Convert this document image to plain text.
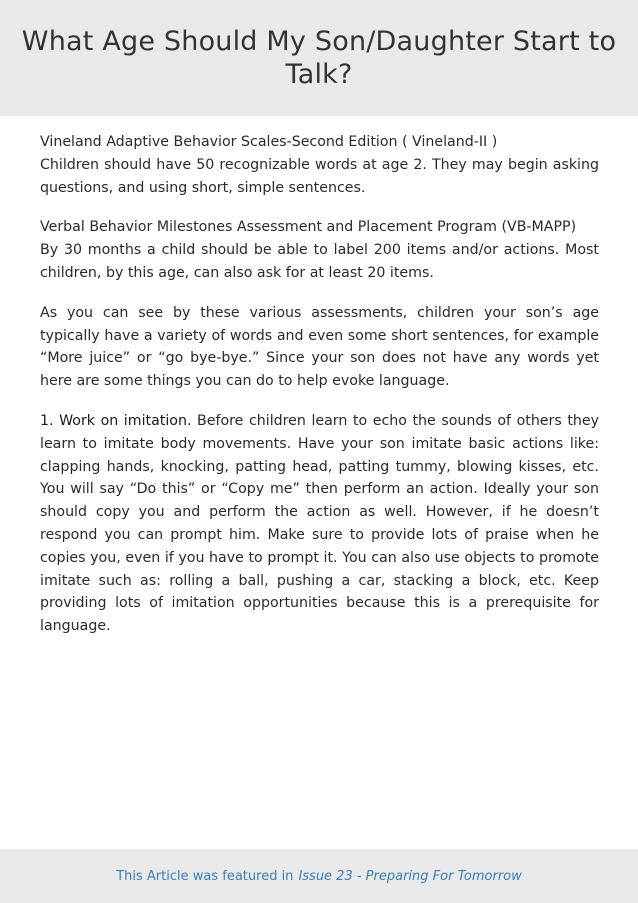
What Age Should My Son/Daughter Start to Talk?

Vineland Adaptive Behavior Scales-Second Edition ( Vineland-II )
Children should have 50 recognizable words at age 2. They may begin asking questions, and using short, simple sentences.

Verbal Behavior Milestones Assessment and Placement Program (VB-MAPP)
By 30 months a child should be able to label 200 items and/or actions. Most children, by this age, can also ask for at least 20 items.

As you can see by these various assessments, children your son’s age typically have a variety of words and even some short sentences, for example “More juice” or “go bye-bye.” Since your son does not have any words yet here are some things you can do to help evoke language.

1. Work on imitation. Before children learn to echo the sounds of others they learn to imitate body movements. Have your son imitate basic actions like: clapping hands, knocking, patting head, patting tummy, blowing kisses, etc. You will say “Do this” or “Copy me” then perform an action. Ideally your son should copy you and perform the action as well. However, if he doesn’t respond you can prompt him. Make sure to provide lots of praise when he copies you, even if you have to prompt it. You can also use objects to promote imitate such as: rolling a ball, pushing a car, stacking a block, etc. Keep providing lots of imitation opportunities because this is a prerequisite for language.

This Article was featured in Issue 23 - Preparing For Tomorrow
